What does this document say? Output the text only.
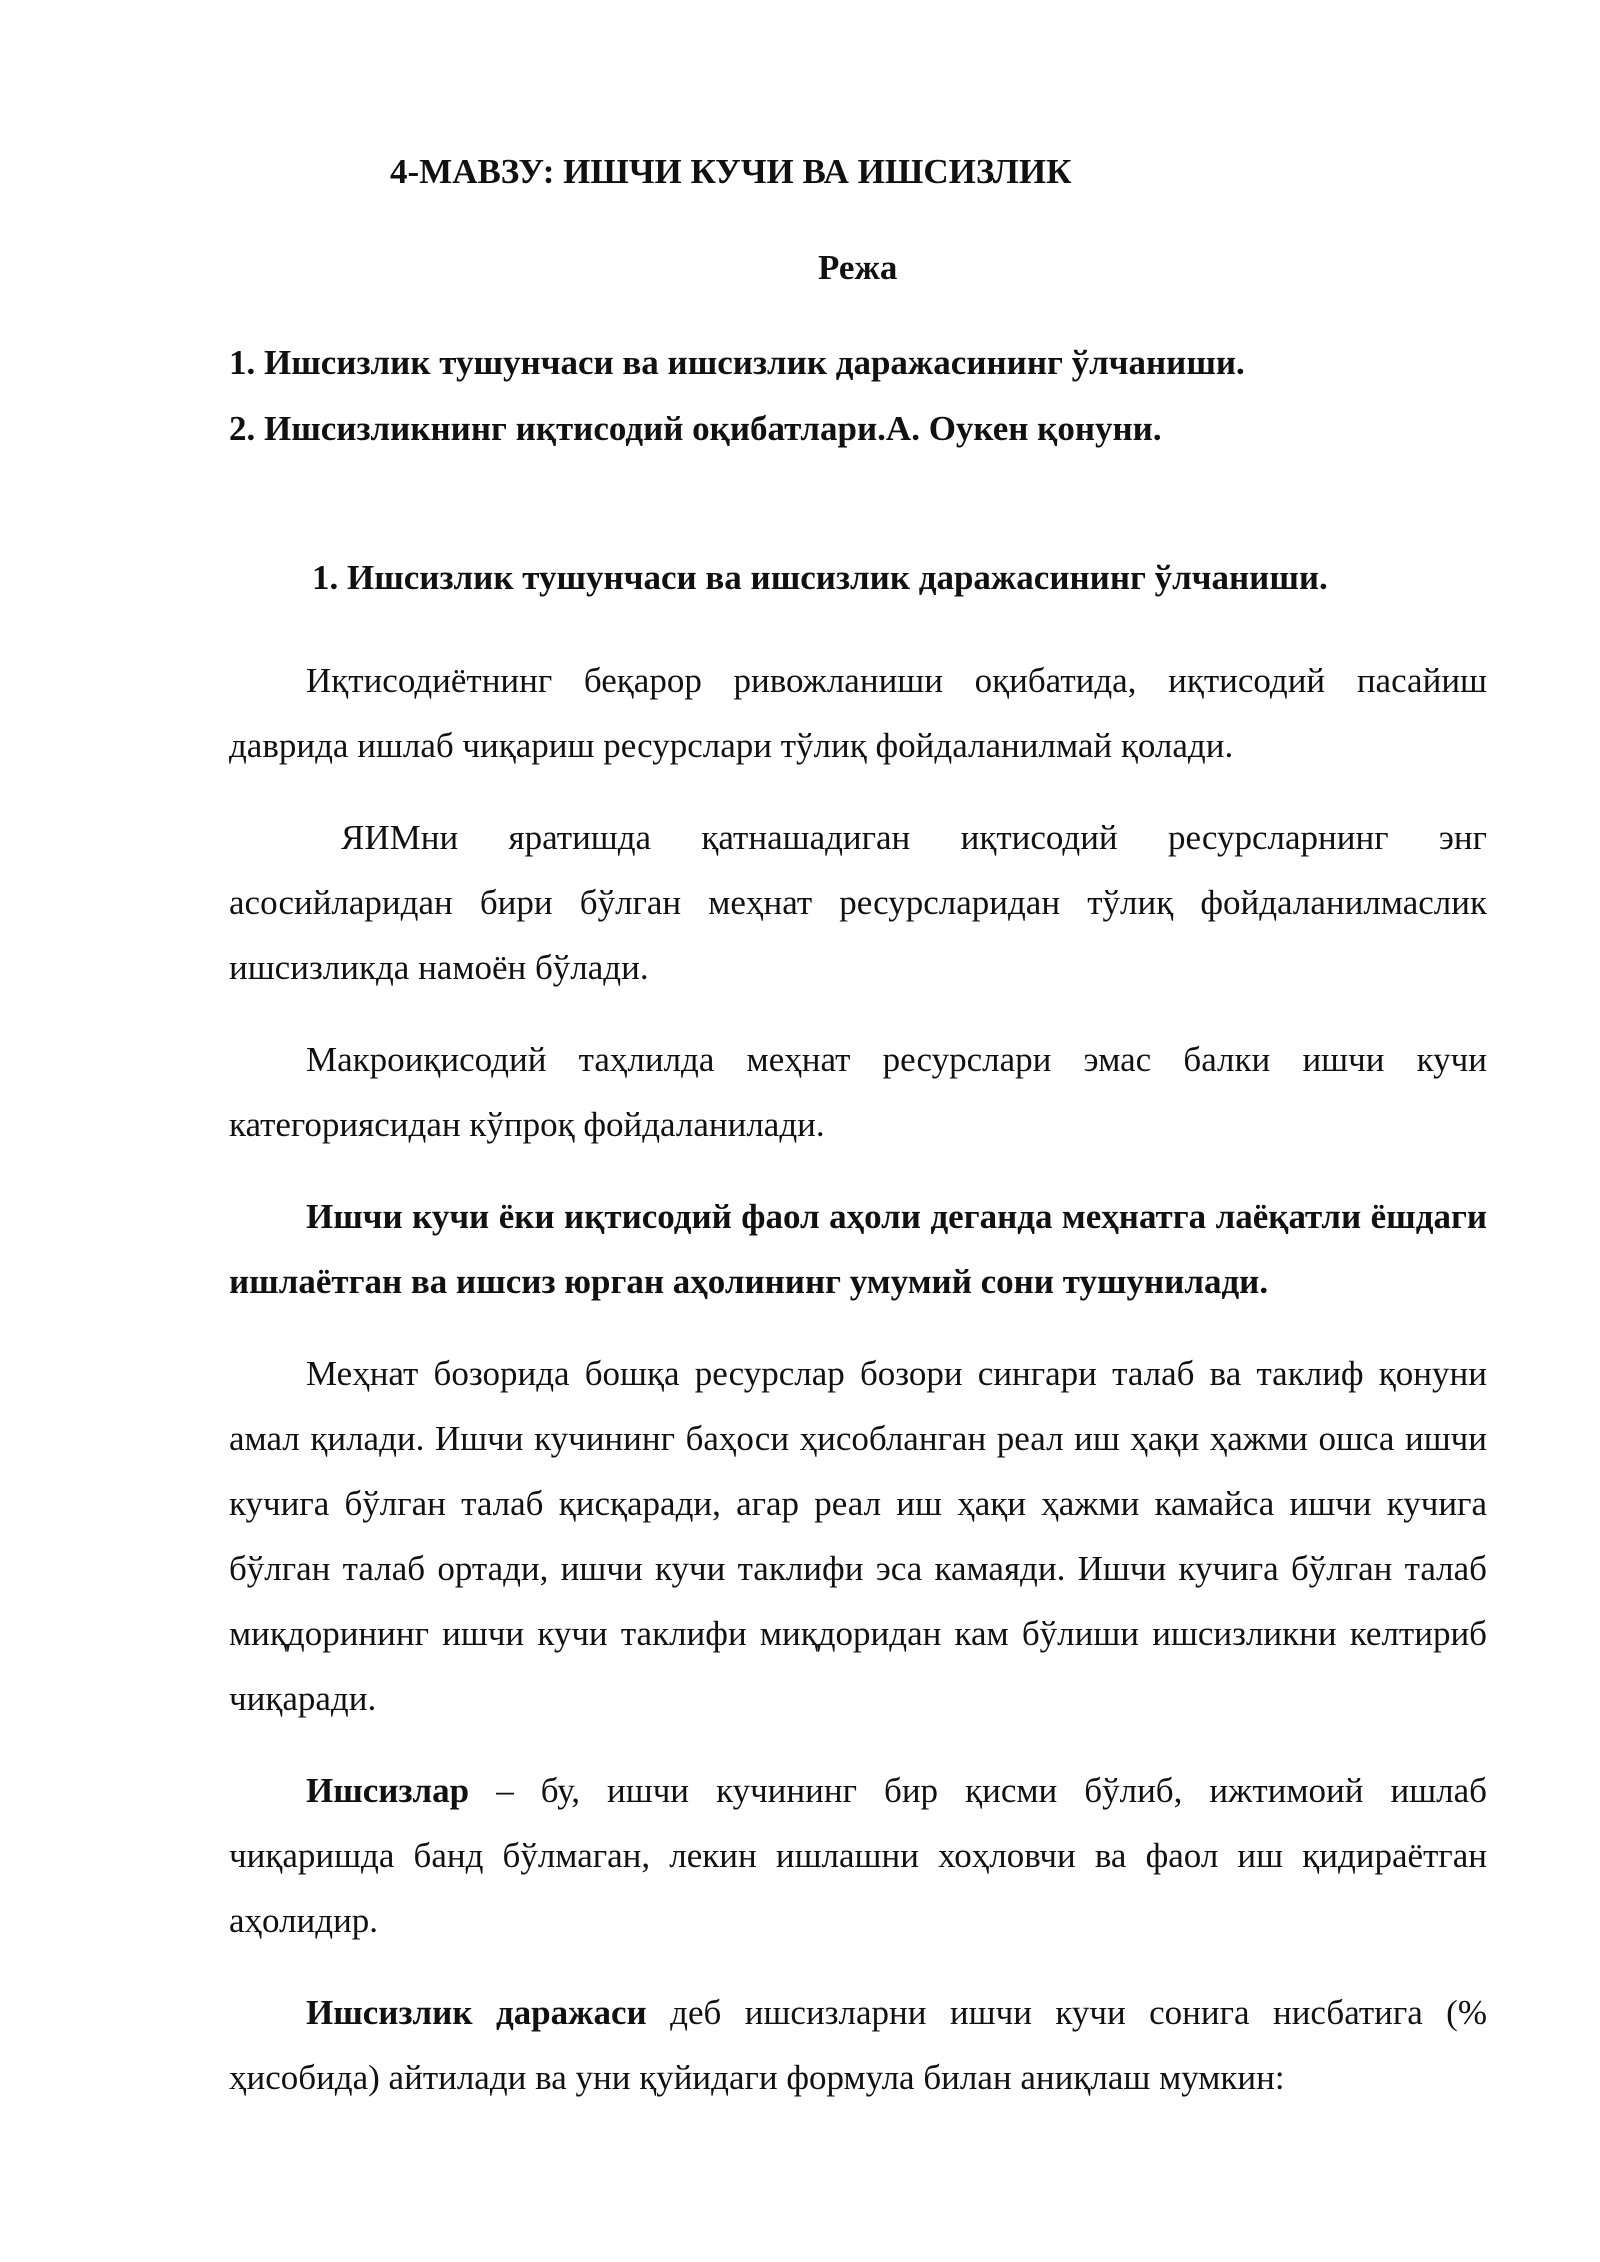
4-МАВЗУ: ИШЧИ КУЧИ ВА ИШСИЗЛИК
Режа
1. Ишсизлик тушунчаси ва ишсизлик даражасининг ўлчаниши.
2. Ишсизликнинг иқтисодий оқибатлари.А. Оукен қонуни.
1. Ишсизлик тушунчаси ва ишсизлик даражасининг ўлчаниши.

Иқтисодиётнинг беқарор ривожланиши оқибатида, иқтисодий пасайиш даврида ишлаб чиқариш ресурслари тўлиқ фойдаланилмай қолади.

ЯИМни яратишда қатнашадиган иқтисодий ресурсларнинг энг асосийларидан бири бўлган меҳнат ресурсларидан тўлиқ фойдаланилмаслик ишсизликда намоён бўлади.

Макроиқисодий таҳлилда меҳнат ресурслари эмас балки ишчи кучи категориясидан кўпроқ фойдаланилади.

Ишчи кучи ёки иқтисодий фаол аҳоли деганда меҳнатга лаёқатли ёшдаги ишлаётган ва ишсиз юрган аҳолининг умумий сони тушунилади.

Меҳнат бозорида бошқа ресурслар бозори сингари талаб ва таклиф қонуни амал қилади. Ишчи кучининг баҳоси ҳисобланган реал иш ҳақи ҳажми ошса ишчи кучига бўлган талаб қисқаради, агар реал иш ҳақи ҳажми камайса ишчи кучига бўлган талаб ортади, ишчи кучи таклифи эса камаяди. Ишчи кучига бўлган талаб миқдорининг ишчи кучи таклифи миқдоридан кам бўлиши ишсизликни келтириб чиқаради.

Ишсизлар – бу, ишчи кучининг бир қисми бўлиб, ижтимоий ишлаб чиқаришда банд бўлмаган, лекин ишлашни хоҳловчи ва фаол иш қидираётган аҳолидир.

Ишсизлик даражаси деб ишсизларни ишчи кучи сонига нисбатига (% ҳисобида) айтилади ва уни қуйидаги формула билан аниқлаш мумкин:
